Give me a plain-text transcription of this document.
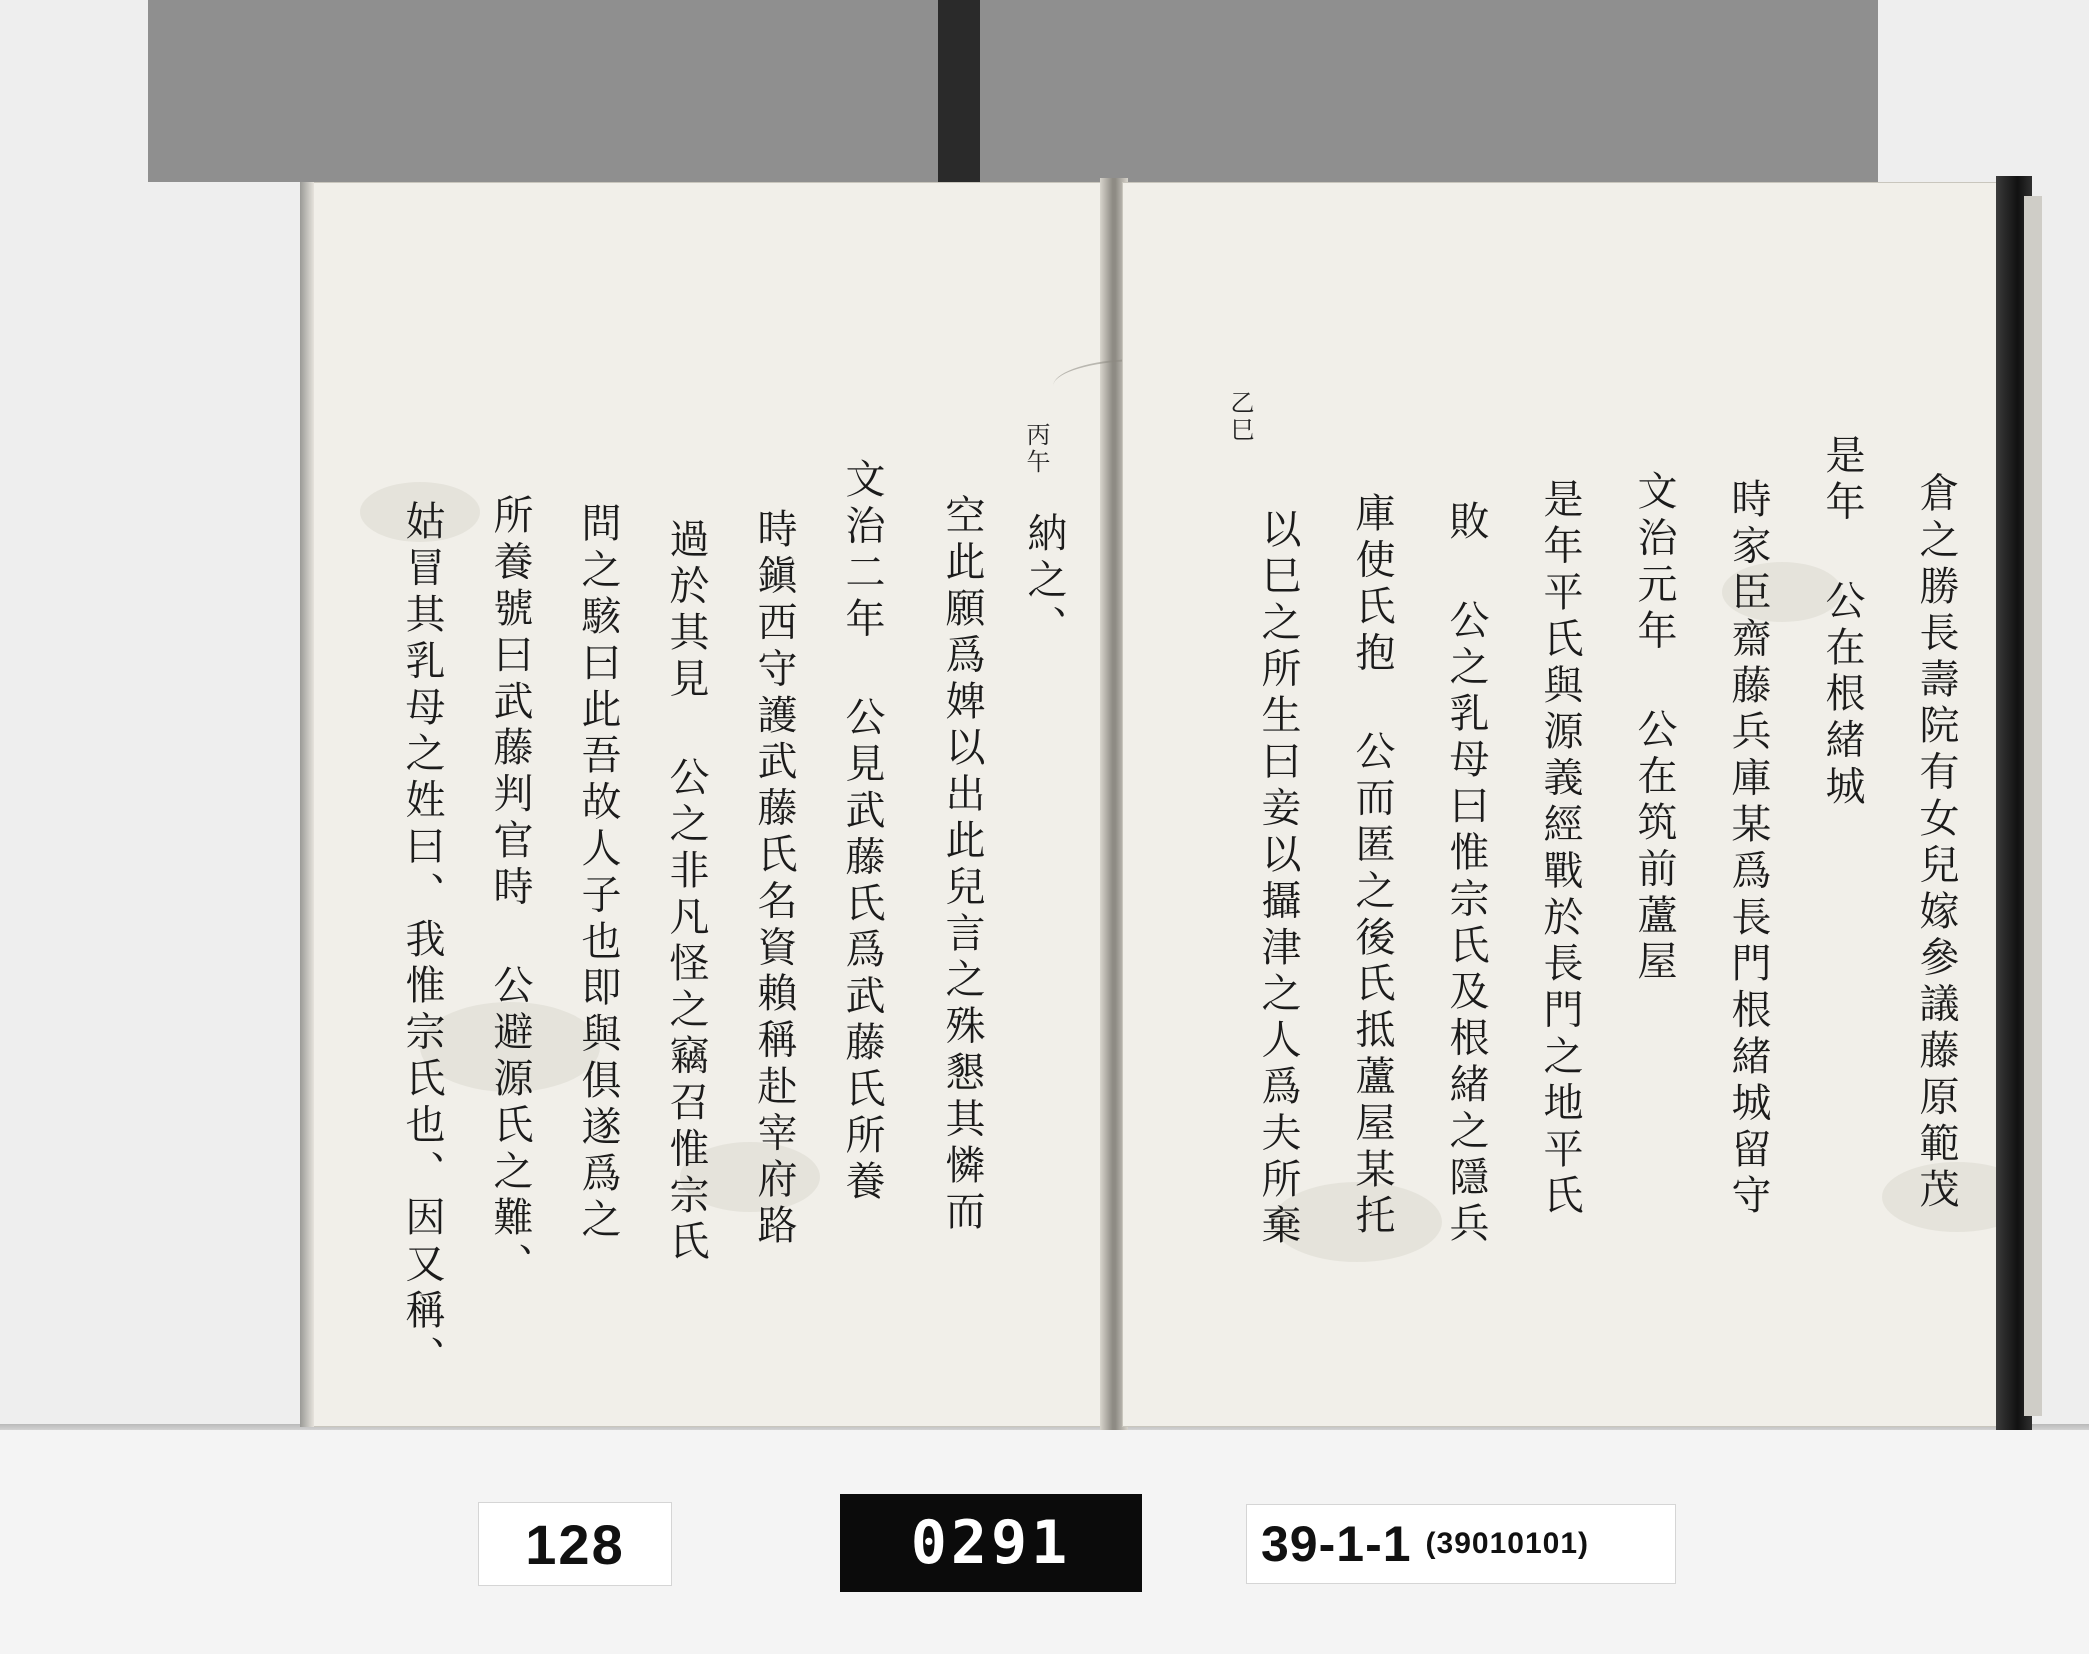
丙午
納之、
空此願爲婢以出此兒言之殊懇其憐而
文治二年 公見武藤氏爲武藤氏所養
時鎭西守護武藤氏名資賴稱赴宰府路
過於其見 公之非凡怪之竊召惟宗氏
問之駭曰此吾故人子也即與俱遂爲之
所養號曰武藤判官時 公避源氏之難、
姑冒其乳母之姓曰、我惟宗氏也、因又稱、
乙巳
倉之勝長壽院有女兒嫁參議藤原範茂
是年 公在根緒城
時家臣齋藤兵庫某爲長門根緒城留守
文治元年 公在筑前蘆屋
是年平氏與源義經戰於長門之地平氏
敗 公之乳母曰惟宗氏及根緒之隱兵
庫使氏抱 公而匿之後氏抵蘆屋某托
以巳之所生曰妾以攝津之人爲夫所棄
128	0291	39-1-1 (39010101)
